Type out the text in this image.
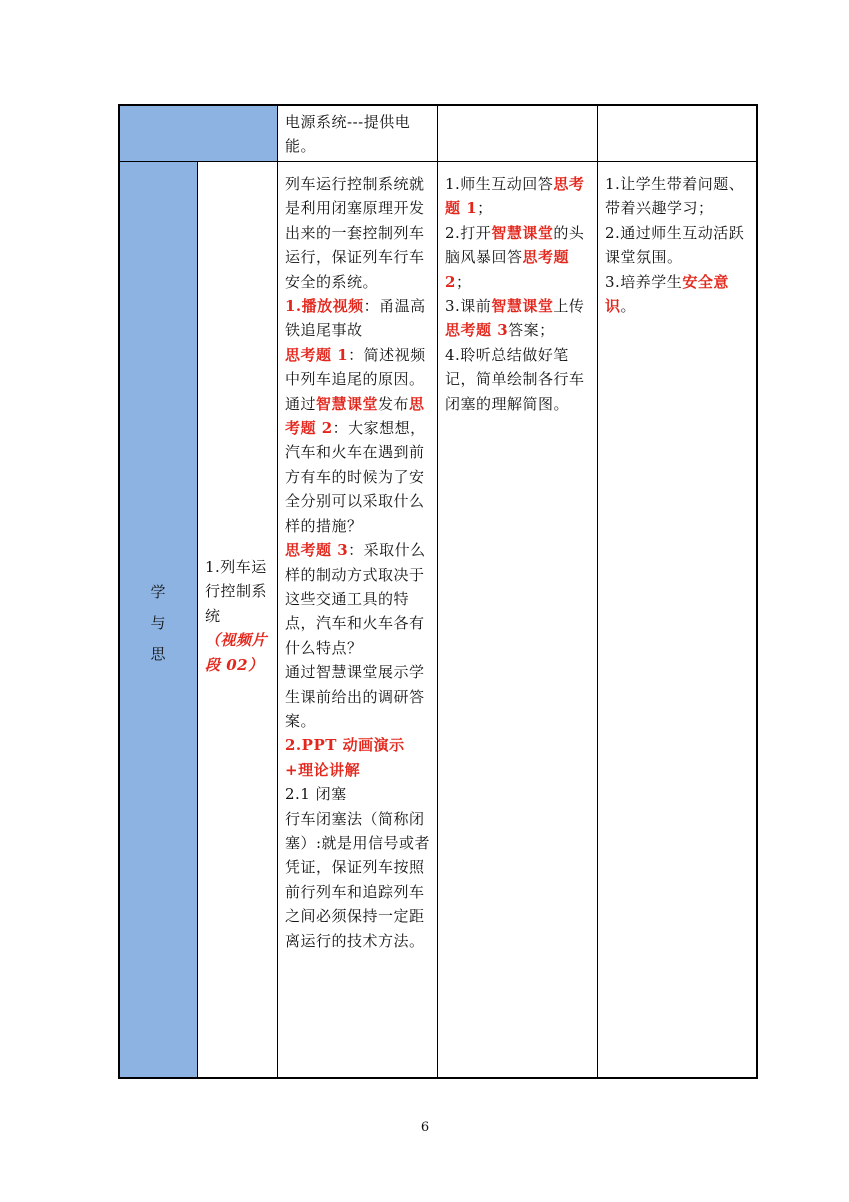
电源系统---提供电能。

学
与
思

1.列车运行控制系统

（视频片段 02）

列车运行控制系统就是利用闭塞原理开发出来的一套控制列车运行，保证列车行车安全的系统。

1.播放视频：甬温高铁追尾事故

思考题 1：简述视频中列车追尾的原因。

通过智慧课堂发布思考题 2：大家想想，汽车和火车在遇到前方有车的时候为了安全分别可以采取什么样的措施？

思考题 3：采取什么样的制动方式取决于这些交通工具的特点，汽车和火车各有什么特点？

通过智慧课堂展示学生课前给出的调研答案。

2.PPT 动画演示+理论讲解

2.1 闭塞

行车闭塞法（简称闭塞）:就是用信号或者凭证，保证列车按照前行列车和追踪列车之间必须保持一定距离运行的技术方法。

1.师生互动回答思考题 1；

2.打开智慧课堂的头脑风暴回答思考题 2；

3.课前智慧课堂上传思考题 3答案；

4.聆听总结做好笔记，简单绘制各行车闭塞的理解简图。

1.让学生带着问题、带着兴趣学习；

2.通过师生互动活跃课堂氛围。

3.培养学生安全意识。

6
